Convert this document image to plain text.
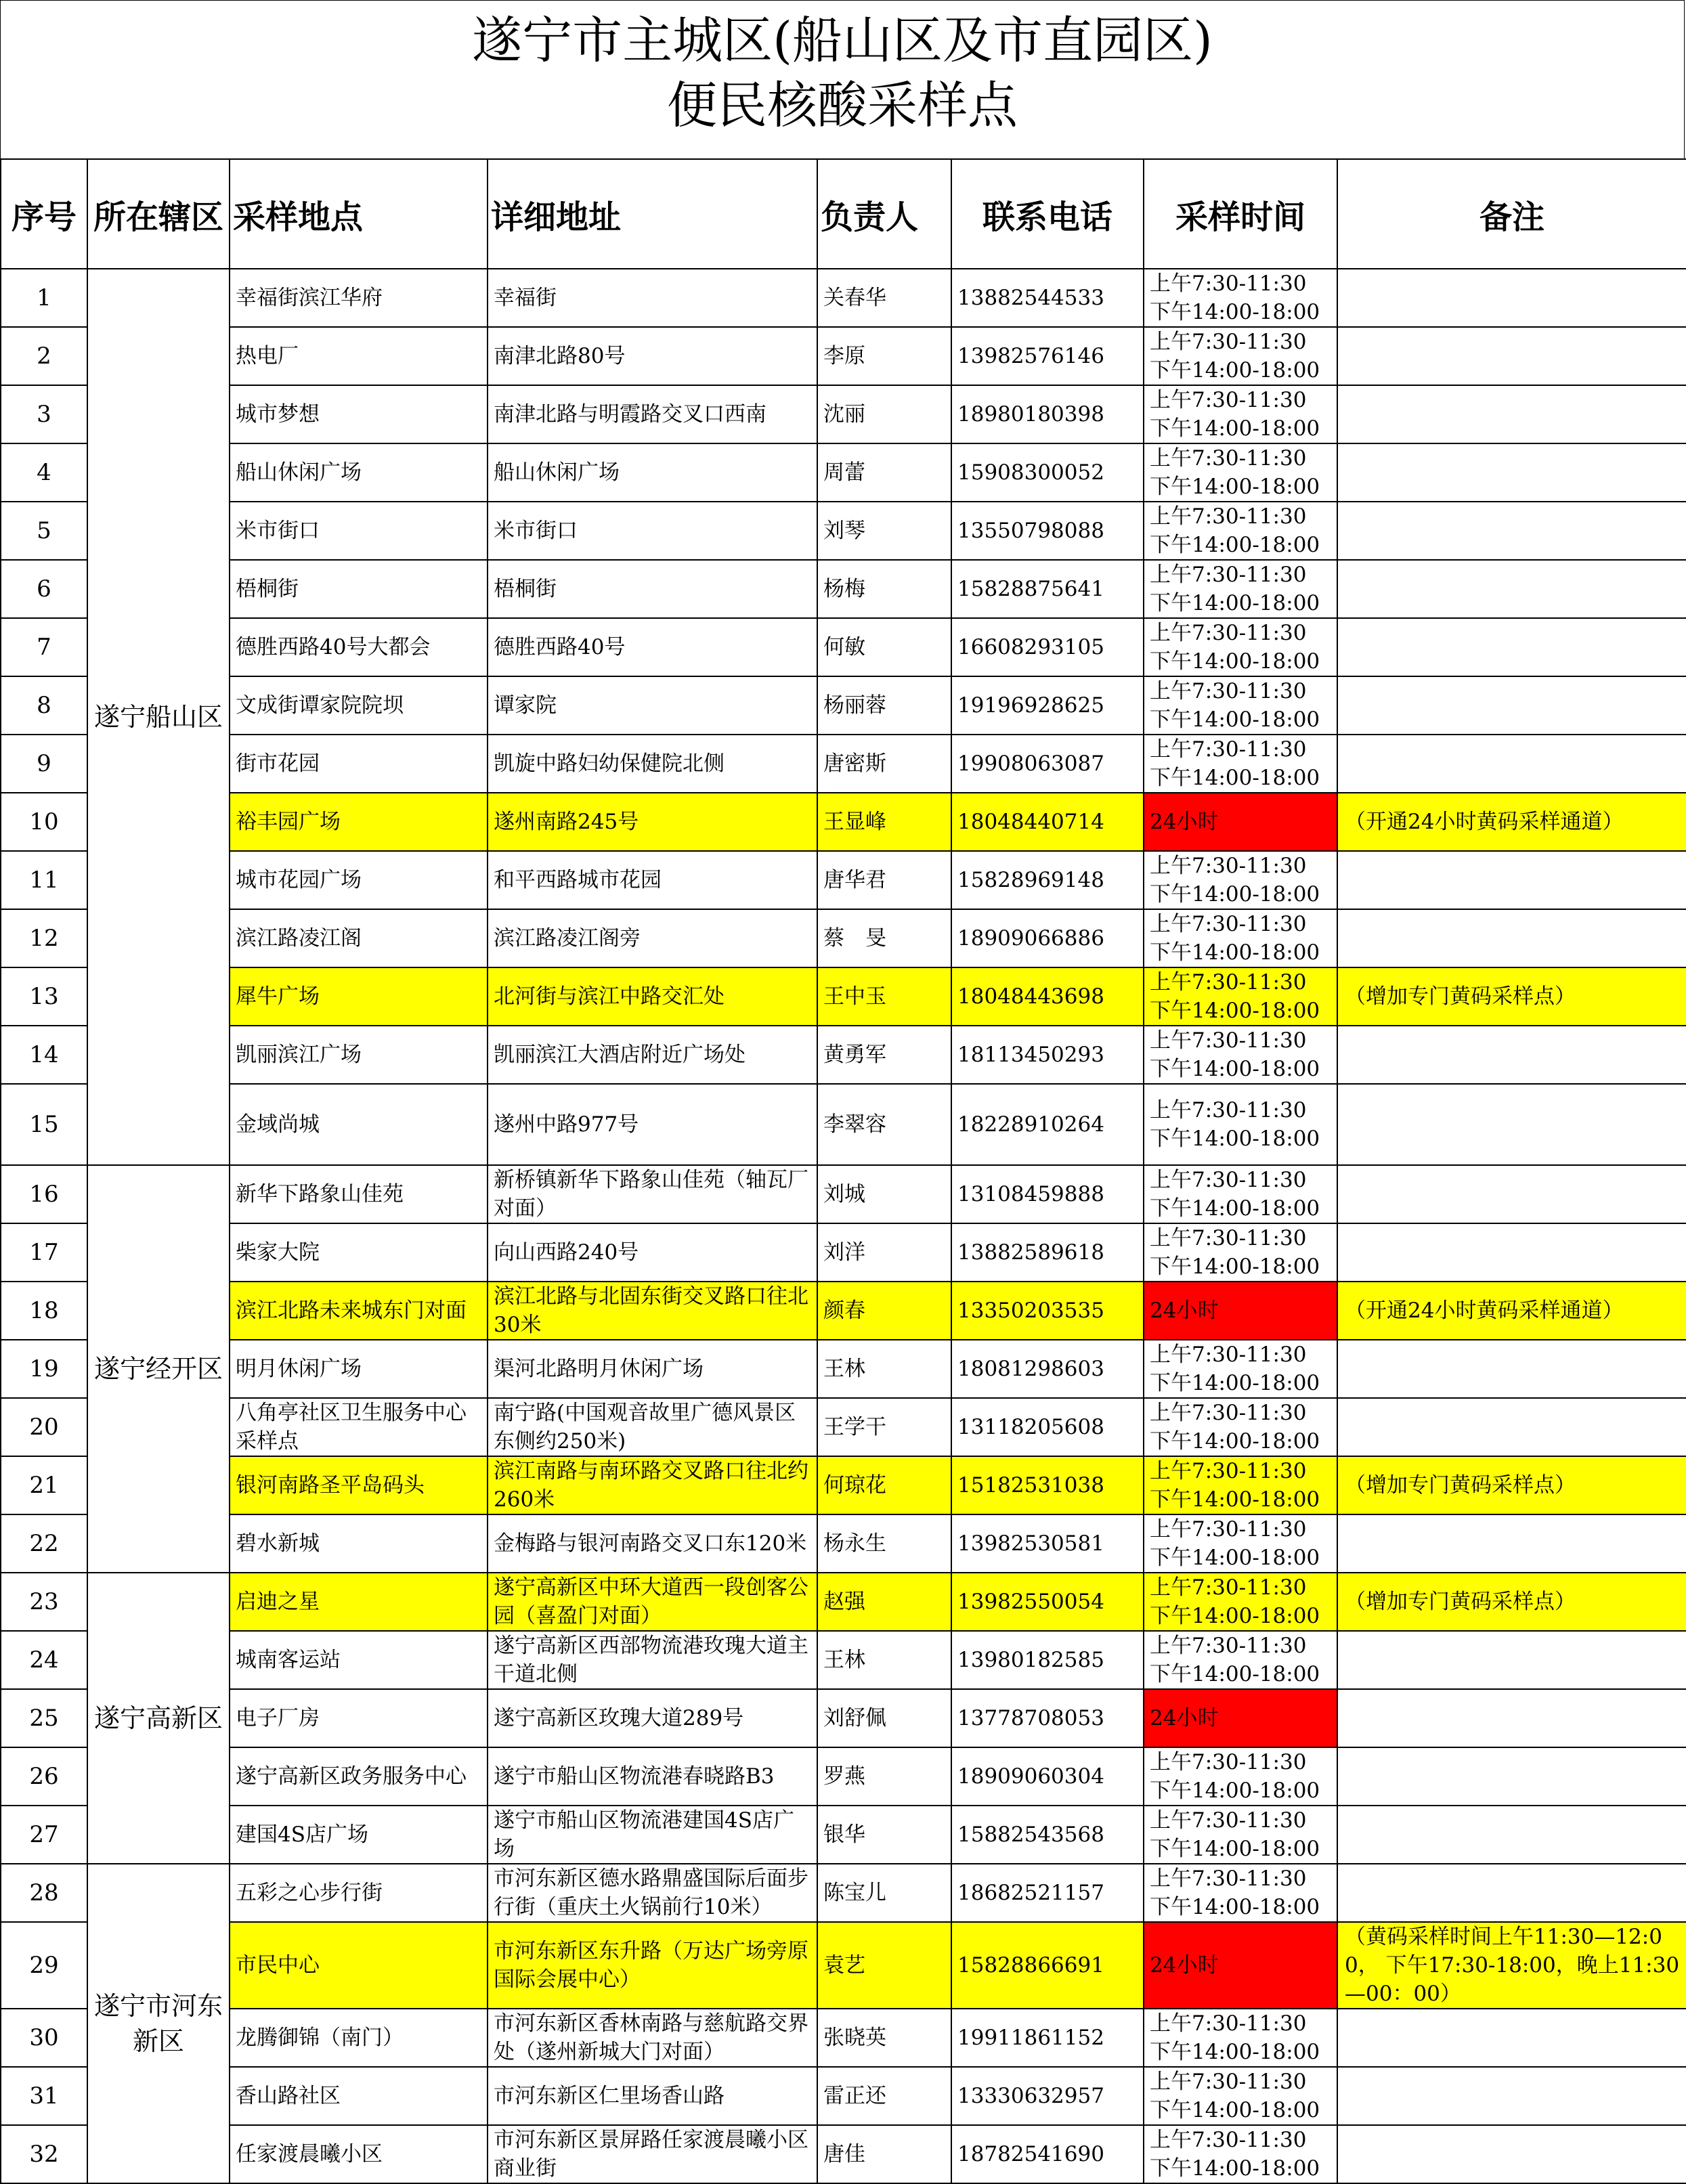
遂宁市主城区(船山区及市直园区)
便民核酸采样点
序号	所在辖区	采样地点	详细地址	负责人	联系电话	采样时间	备注
1	遂宁船山区	幸福街滨江华府	幸福街	关春华	13882544533	上午7:30-11:30
下午14:00-18:00	
2		热电厂	南津北路80号	李原	13982576146	上午7:30-11:30
下午14:00-18:00	
3		城市梦想	南津北路与明霞路交叉口西南	沈丽	18980180398	上午7:30-11:30
下午14:00-18:00	
4		船山休闲广场	船山休闲广场	周蕾	15908300052	上午7:30-11:30
下午14:00-18:00	
5		米市街口	米市街口	刘琴	13550798088	上午7:30-11:30
下午14:00-18:00	
6		梧桐街	梧桐街	杨梅	15828875641	上午7:30-11:30
下午14:00-18:00	
7		德胜西路40号大都会	德胜西路40号	何敏	16608293105	上午7:30-11:30
下午14:00-18:00	
8		文成街谭家院院坝	谭家院	杨丽蓉	19196928625	上午7:30-11:30
下午14:00-18:00	
9		街市花园	凯旋中路妇幼保健院北侧	唐密斯	19908063087	上午7:30-11:30
下午14:00-18:00	
10		裕丰园广场	遂州南路245号	王显峰	18048440714	24小时	（开通24小时黄码采样通道）
11		城市花园广场	和平西路城市花园	唐华君	15828969148	上午7:30-11:30
下午14:00-18:00	
12		滨江路凌江阁	滨江路凌江阁旁	蔡　旻	18909066886	上午7:30-11:30
下午14:00-18:00	
13		犀牛广场	北河街与滨江中路交汇处	王中玉	18048443698	上午7:30-11:30
下午14:00-18:00	（增加专门黄码采样点）
14		凯丽滨江广场	凯丽滨江大酒店附近广场处	黄勇军	18113450293	上午7:30-11:30
下午14:00-18:00	
15		金域尚城	遂州中路977号	李翠容	18228910264	上午7:30-11:30
下午14:00-18:00	
16	遂宁经开区	新华下路象山佳苑	新桥镇新华下路象山佳苑（轴瓦厂对面）	刘城	13108459888	上午7:30-11:30
下午14:00-18:00	
17		柴家大院	向山西路240号	刘洋	13882589618	上午7:30-11:30
下午14:00-18:00	
18		滨江北路未来城东门对面	滨江北路与北固东街交叉路口往北30米	颜春	13350203535	24小时	（开通24小时黄码采样通道）
19		明月休闲广场	渠河北路明月休闲广场	王林	18081298603	上午7:30-11:30
下午14:00-18:00	
20		八角亭社区卫生服务中心采样点	南宁路(中国观音故里广德风景区东侧约250米)	王学干	13118205608	上午7:30-11:30
下午14:00-18:00	
21		银河南路圣平岛码头	滨江南路与南环路交叉路口往北约260米	何琼花	15182531038	上午7:30-11:30
下午14:00-18:00	（增加专门黄码采样点）
22		碧水新城	金梅路与银河南路交叉口东120米	杨永生	13982530581	上午7:30-11:30
下午14:00-18:00	
23	遂宁高新区	启迪之星	遂宁高新区中环大道西一段创客公园（喜盈门对面）	赵强	13982550054	上午7:30-11:30
下午14:00-18:00	（增加专门黄码采样点）
24		城南客运站	遂宁高新区西部物流港玫瑰大道主干道北侧	王林	13980182585	上午7:30-11:30
下午14:00-18:00	
25		电子厂房	遂宁高新区玫瑰大道289号	刘舒佩	13778708053	24小时	
26		遂宁高新区政务服务中心	遂宁市船山区物流港春晓路B3	罗燕	18909060304	上午7:30-11:30
下午14:00-18:00	
27		建国4S店广场	遂宁市船山区物流港建国4S店广场	银华	15882543568	上午7:30-11:30
下午14:00-18:00	
28	遂宁市河东新区	五彩之心步行街	市河东新区德水路鼎盛国际后面步行街（重庆土火锅前行10米）	陈宝儿	18682521157	上午7:30-11:30
下午14:00-18:00	
29		市民中心	市河东新区东升路（万达广场旁原国际会展中心）	袁艺	15828866691	24小时	（黄码采样时间上午11:30—12:00， 下午17:30-18:00，晚上11:30—00：00）
30		龙腾御锦（南门）	市河东新区香林南路与慈航路交界处（遂州新城大门对面）	张晓英	19911861152	上午7:30-11:30
下午14:00-18:00	
31		香山路社区	市河东新区仁里场香山路	雷正还	13330632957	上午7:30-11:30
下午14:00-18:00	
32		任家渡晨曦小区	市河东新区景屏路任家渡晨曦小区商业街	唐佳	18782541690	上午7:30-11:30
下午14:00-18:00	
